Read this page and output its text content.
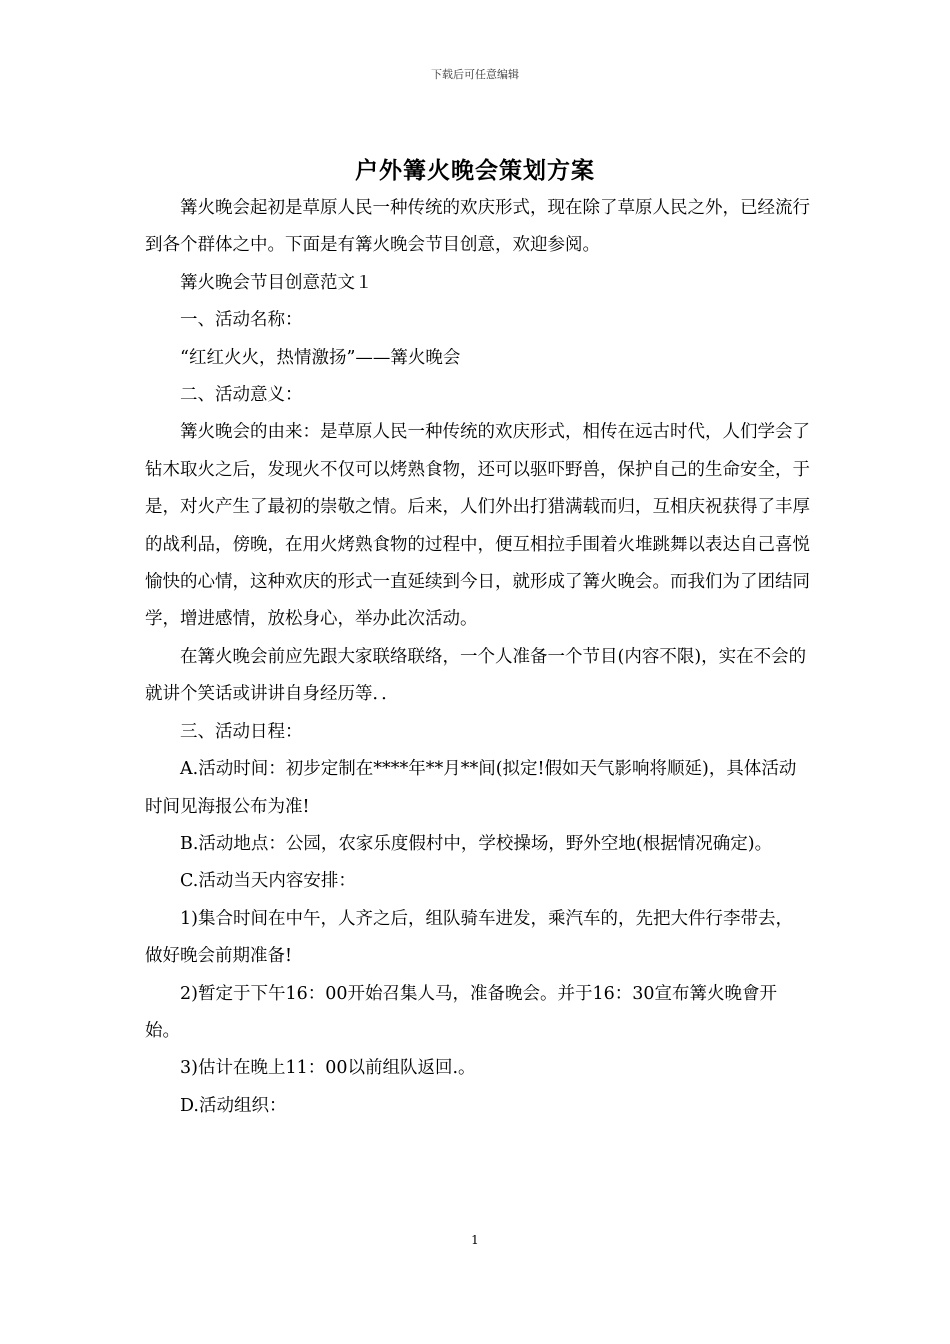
下载后可任意编辑
户外篝火晚会策划方案

篝火晚会起初是草原人民一种传统的欢庆形式，现在除了草原人民之外，已经流行到各个群体之中。下面是有篝火晚会节目创意，欢迎参阅。

篝火晚会节目创意范文１

一、活动名称：

“红红火火，热情激扬”——篝火晚会

二、活动意义：

篝火晚会的由来：是草原人民一种传统的欢庆形式，相传在远古时代，人们学会了钻木取火之后，发现火不仅可以烤熟食物，还可以驱吓野兽，保护自己的生命安全，于是，对火产生了最初的崇敬之情。后来，人们外出打猎满载而归，互相庆祝获得了丰厚的战利品，傍晚，在用火烤熟食物的过程中，便互相拉手围着火堆跳舞以表达自己喜悦愉快的心情，这种欢庆的形式一直延续到今日，就形成了篝火晚会。而我们为了团结同学，增进感情，放松身心，举办此次活动。

在篝火晚会前应先跟大家联络联络，一个人准备一个节目(内容不限)，实在不会的就讲个笑话或讲讲自身经历等．．

三、活动日程：

A.活动时间：初步定制在****年**月**间(拟定!假如天气影响将顺延)，具体活动时间见海报公布为准!

B.活动地点：公园，农家乐度假村中，学校操场，野外空地(根据情况确定)。

C.活动当天内容安排：

1)集合时间在中午，人齐之后，组队骑车进发，乘汽车的，先把大件行李带去，做好晚会前期准备!

2)暂定于下午16：00开始召集人马，准备晚会。并于16：30宣布篝火晚會开始。

3)估计在晚上11：00以前组队返回.。

D.活动组织：

1
